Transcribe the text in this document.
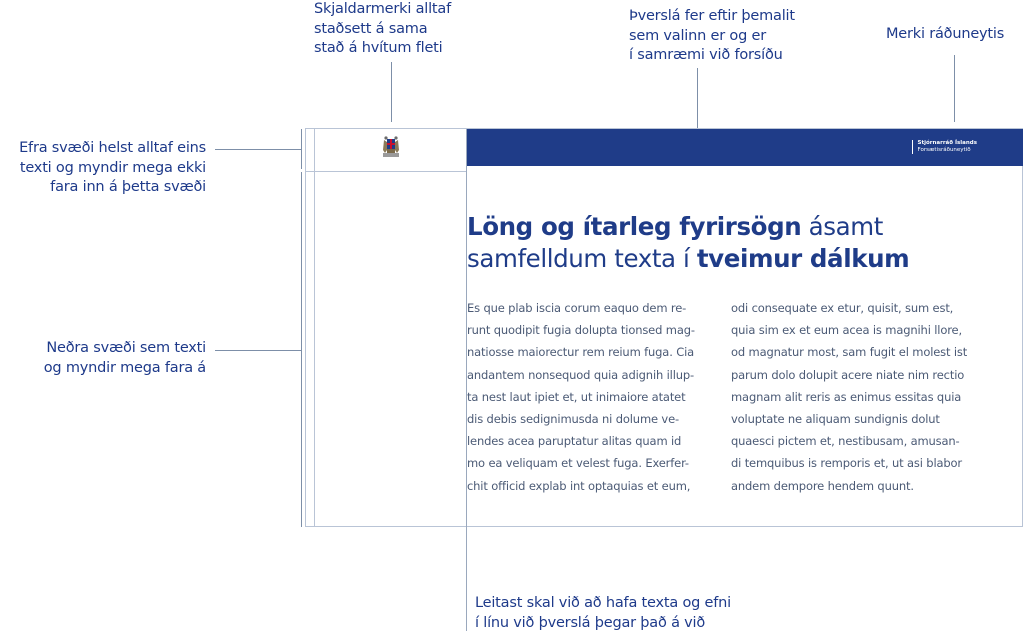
Skjaldarmerki alltaf
staðsett á sama
stað á hvítum fleti
Þverslá fer eftir þemalit
sem valinn er og er
í samræmi við forsíðu
Merki ráðuneytis
Efra svæði helst alltaf eins
texti og myndir mega ekki
fara inn á þetta svæði
Neðra svæði sem texti
og myndir mega fara á
Stjórnarráð Íslands
Forsætisráðuneytið
Löng og ítarleg fyrirsögn ásamt
samfelldum texta í tveimur dálkum
Es que plab iscia corum eaquo dem re-
runt quodipit fugia dolupta tionsed mag-
natiosse maiorectur rem reium fuga. Cia
andantem nonsequod quia adignih illup-
ta nest laut ipiet et, ut inimaiore atatet
dis debis sedignimusda ni dolume ve-
lendes acea paruptatur alitas quam id
mo ea veliquam et velest fuga. Exerfer-
chit officid explab int optaquias et eum,
odi consequate ex etur, quisit, sum est,
quia sim ex et eum acea is magnihi llore,
od magnatur most, sam fugit el molest ist
parum dolo dolupit acere niate nim rectio
magnam alit reris as enimus essitas quia
voluptate ne aliquam sundignis dolut
quaesci pictem et, nestibusam, amusan-
di temquibus is remporis et, ut asi blabor
andem dempore hendem quunt.
Leitast skal við að hafa texta og efni
í línu við þverslá þegar það á við
